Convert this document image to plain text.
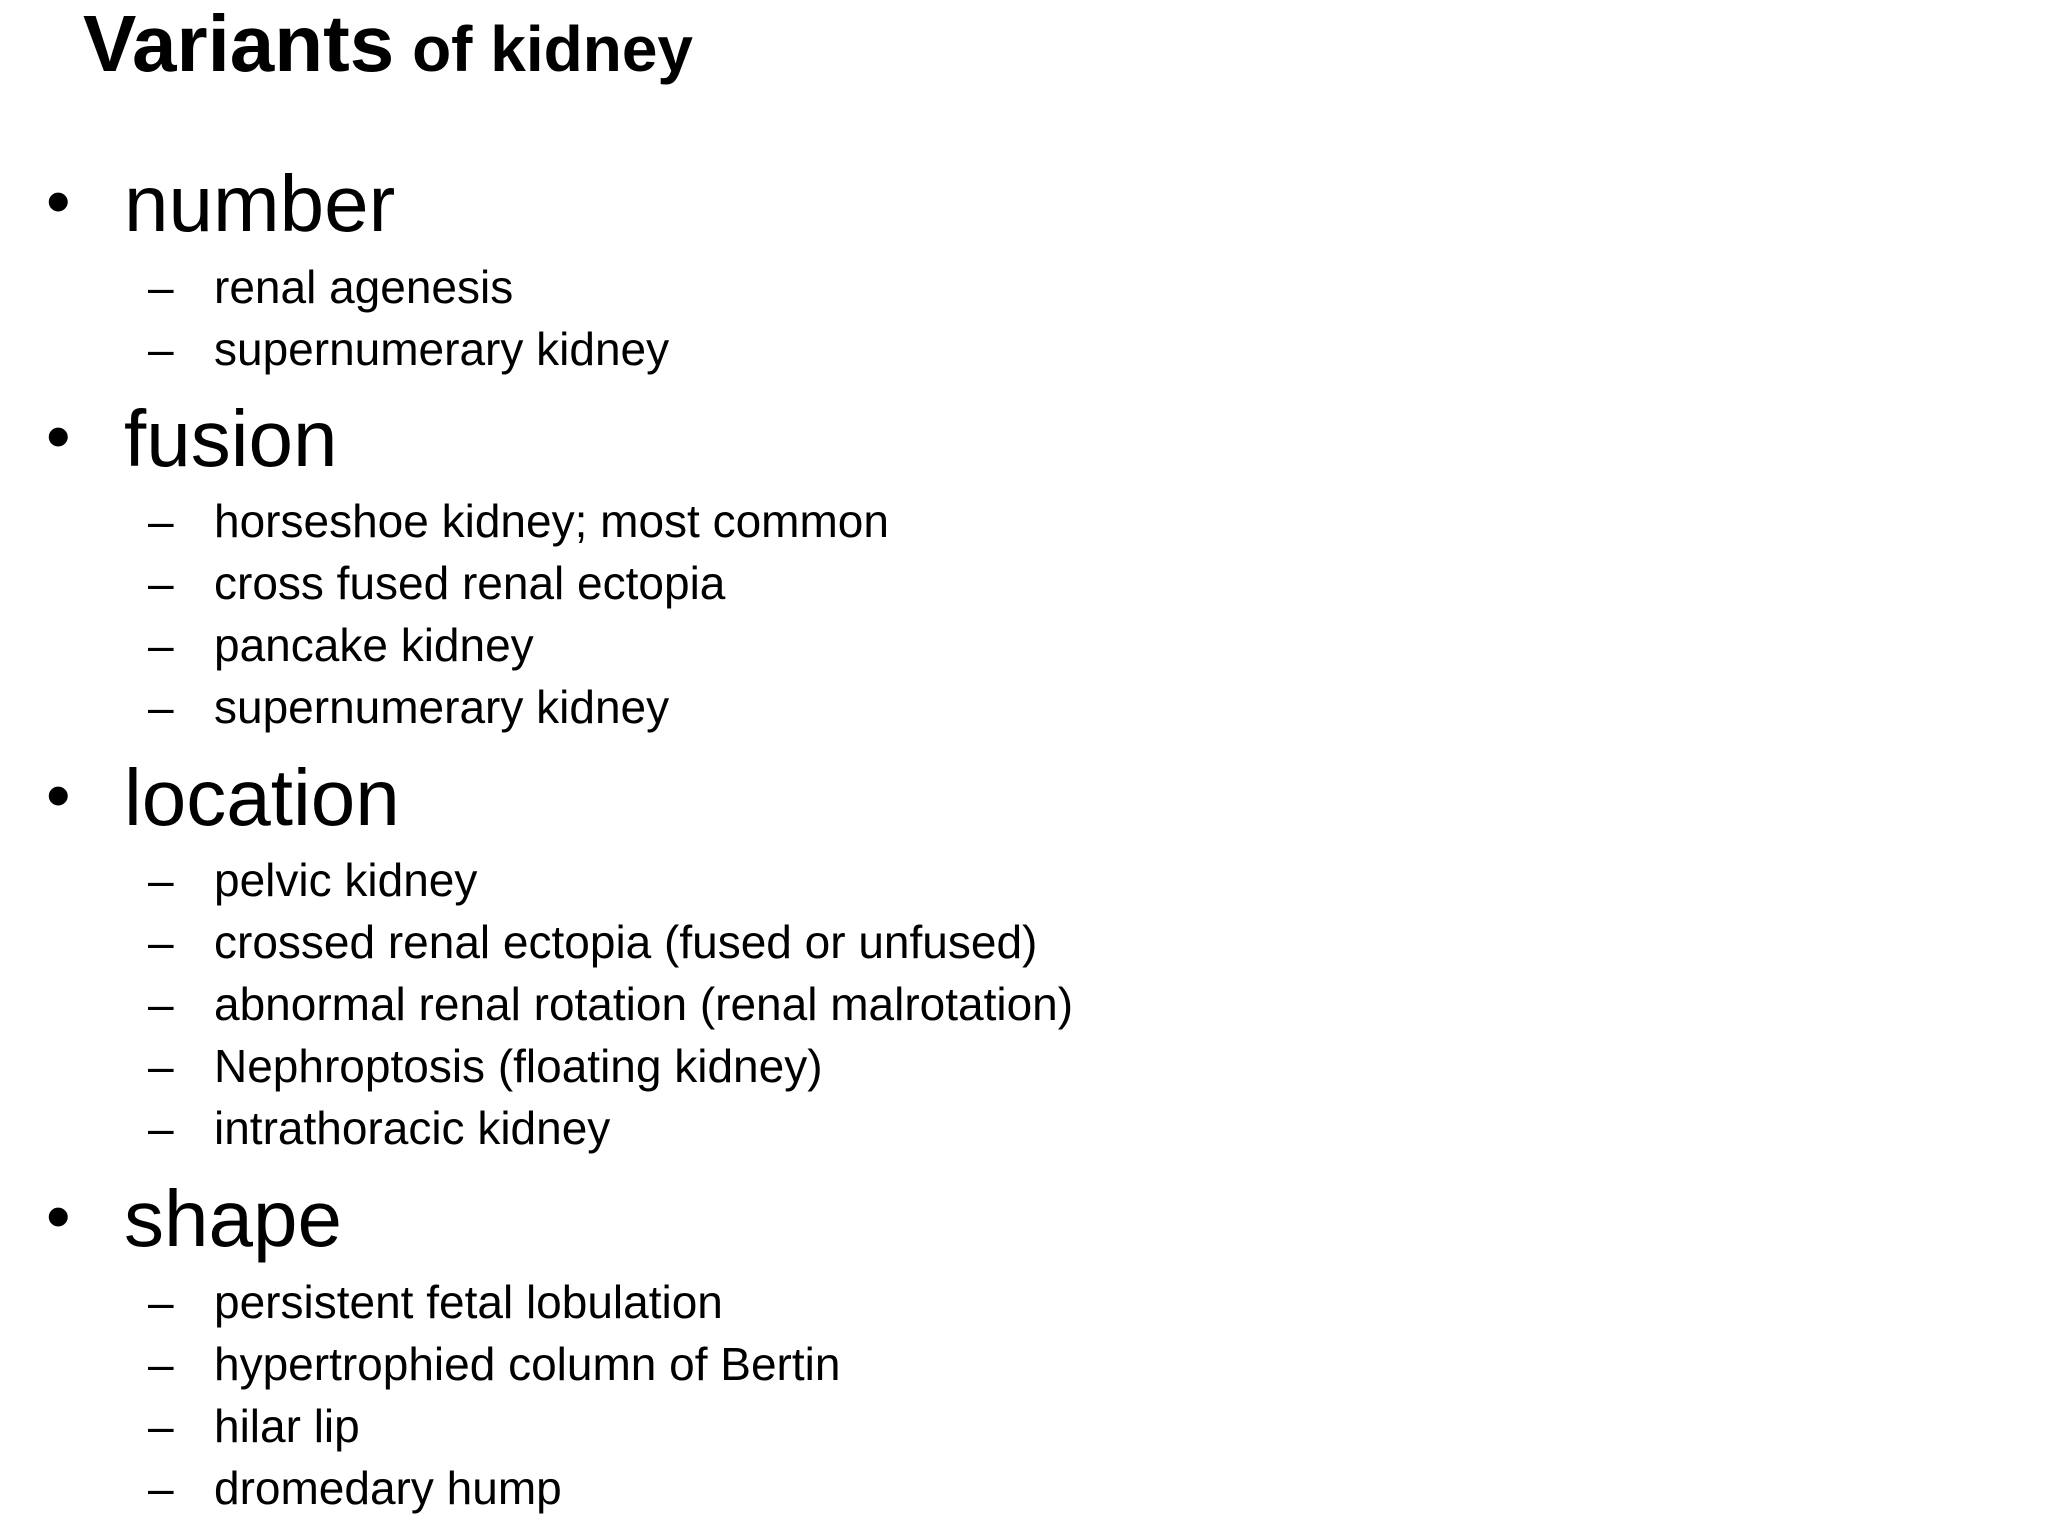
Variants of kidney
• number
– renal agenesis
– supernumerary kidney
• fusion
– horseshoe kidney; most common
– cross fused renal ectopia
– pancake kidney
– supernumerary kidney
• location
– pelvic kidney
– crossed renal ectopia (fused or unfused)
– abnormal renal rotation (renal malrotation)
– Nephroptosis (floating kidney)
– intrathoracic kidney
• shape
– persistent fetal lobulation
– hypertrophied column of Bertin
– hilar lip
– dromedary hump
